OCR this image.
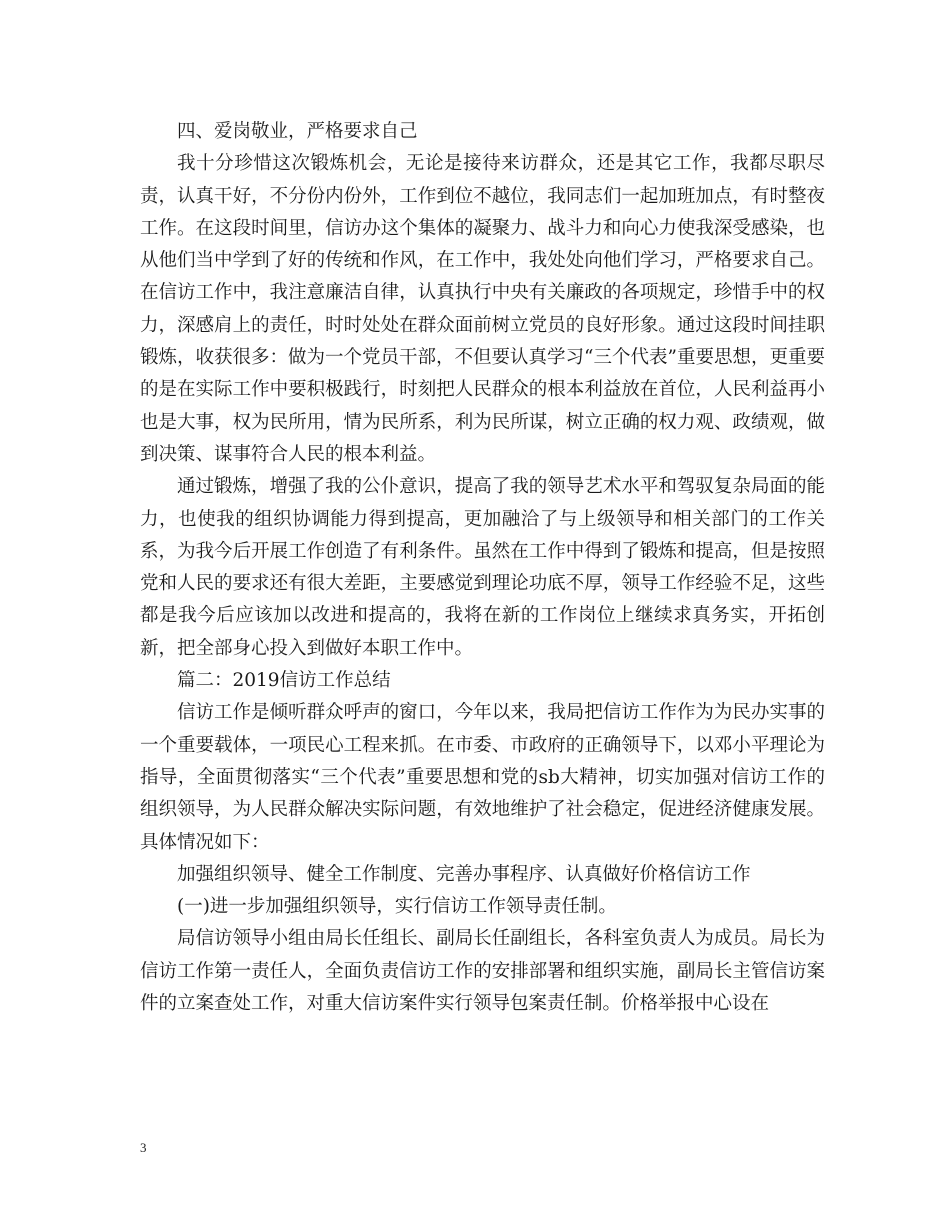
四、爱岗敬业，严格要求自己

我十分珍惜这次锻炼机会，无论是接待来访群众，还是其它工作，我都尽职尽责，认真干好，不分份内份外，工作到位不越位，我同志们一起加班加点，有时整夜工作。在这段时间里，信访办这个集体的凝聚力、战斗力和向心力使我深受感染，也从他们当中学到了好的传统和作风，在工作中，我处处向他们学习，严格要求自己。在信访工作中，我注意廉洁自律，认真执行中央有关廉政的各项规定，珍惜手中的权力，深感肩上的责任，时时处处在群众面前树立党员的良好形象。通过这段时间挂职锻炼，收获很多：做为一个党员干部，不但要认真学习“三个代表”重要思想，更重要的是在实际工作中要积极践行，时刻把人民群众的根本利益放在首位，人民利益再小也是大事，权为民所用，情为民所系，利为民所谋，树立正确的权力观、政绩观，做到决策、谋事符合人民的根本利益。

通过锻炼，增强了我的公仆意识，提高了我的领导艺术水平和驾驭复杂局面的能力，也使我的组织协调能力得到提高，更加融洽了与上级领导和相关部门的工作关系，为我今后开展工作创造了有利条件。虽然在工作中得到了锻炼和提高，但是按照党和人民的要求还有很大差距，主要感觉到理论功底不厚，领导工作经验不足，这些都是我今后应该加以改进和提高的，我将在新的工作岗位上继续求真务实，开拓创新，把全部身心投入到做好本职工作中。

篇二：2019信访工作总结

信访工作是倾听群众呼声的窗口，今年以来，我局把信访工作作为为民办实事的一个重要载体，一项民心工程来抓。在市委、市政府的正确领导下，以邓小平理论为指导，全面贯彻落实“三个代表”重要思想和党的sb大精神，切实加强对信访工作的组织领导，为人民群众解决实际问题，有效地维护了社会稳定，促进经济健康发展。具体情况如下：

加强组织领导、健全工作制度、完善办事程序、认真做好价格信访工作

(一)进一步加强组织领导，实行信访工作领导责任制。

局信访领导小组由局长任组长、副局长任副组长，各科室负责人为成员。局长为信访工作第一责任人，全面负责信访工作的安排部署和组织实施，副局长主管信访案件的立案查处工作，对重大信访案件实行领导包案责任制。价格举报中心设在

3
